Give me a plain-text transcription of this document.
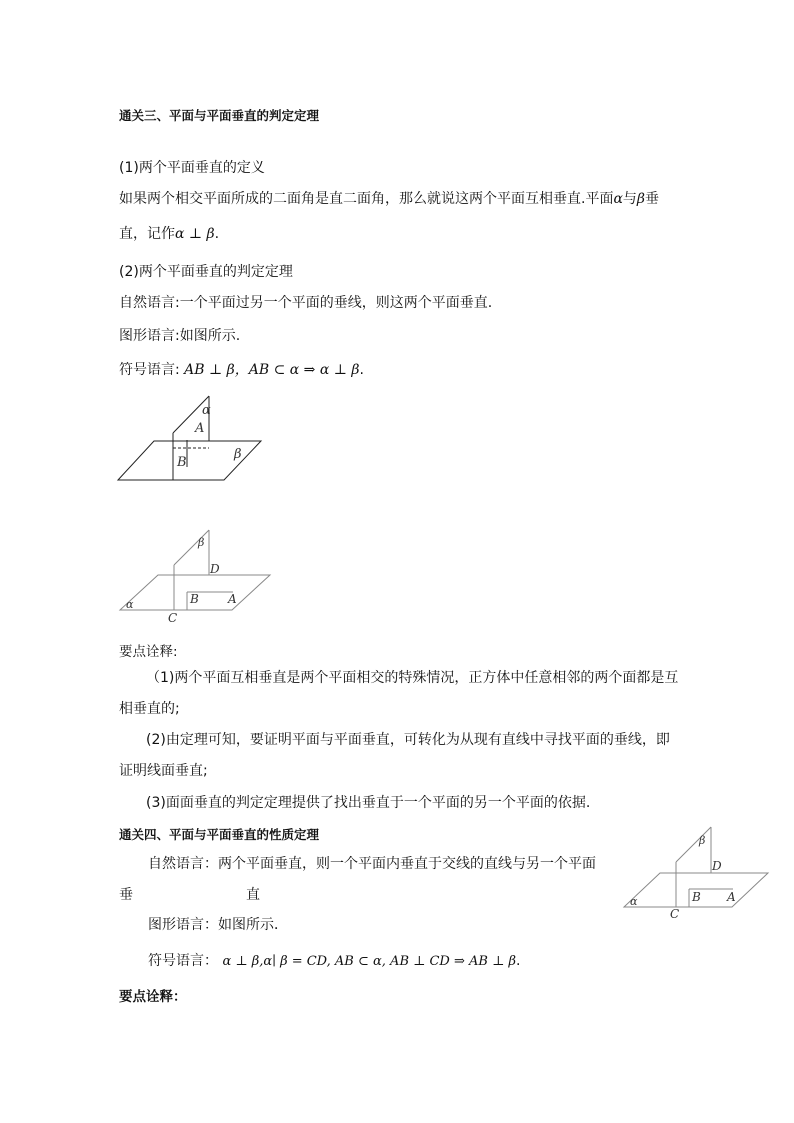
通关三、平面与平面垂直的判定定理
(1)两个平面垂直的定义
如果两个相交平面所成的二面角是直二面角，那么就说这两个平面互相垂直.平面α与β垂
直，记作α ⊥ β.
(2)两个平面垂直的判定定理
自然语言:一个平面过另一个平面的垂线，则这两个平面垂直.
图形语言:如图所示.
符号语言: AB ⊥ β，AB ⊂ α ⇒ α ⊥ β.
α
A
B
β
β
D
α	B A
C
要点诠释:
（1)两个平面互相垂直是两个平面相交的特殊情况，正方体中任意相邻的两个面都是互
相垂直的;
(2)由定理可知，要证明平面与平面垂直，可转化为从现有直线中寻找平面的垂线，即
证明线面垂直;
(3)面面垂直的判定定理提供了找出垂直于一个平面的另一个平面的依据.
通关四、平面与平面垂直的性质定理
自然语言：两个平面垂直，则一个平面内垂直于交线的直线与另一个平面
垂	直
图形语言：如图所示．
符号语言： α ⊥ β,α∣ β = CD, AB ⊂ α, AB ⊥ CD ⇒ AB ⊥ β.
要点诠释：
β
D
α	B A
C
